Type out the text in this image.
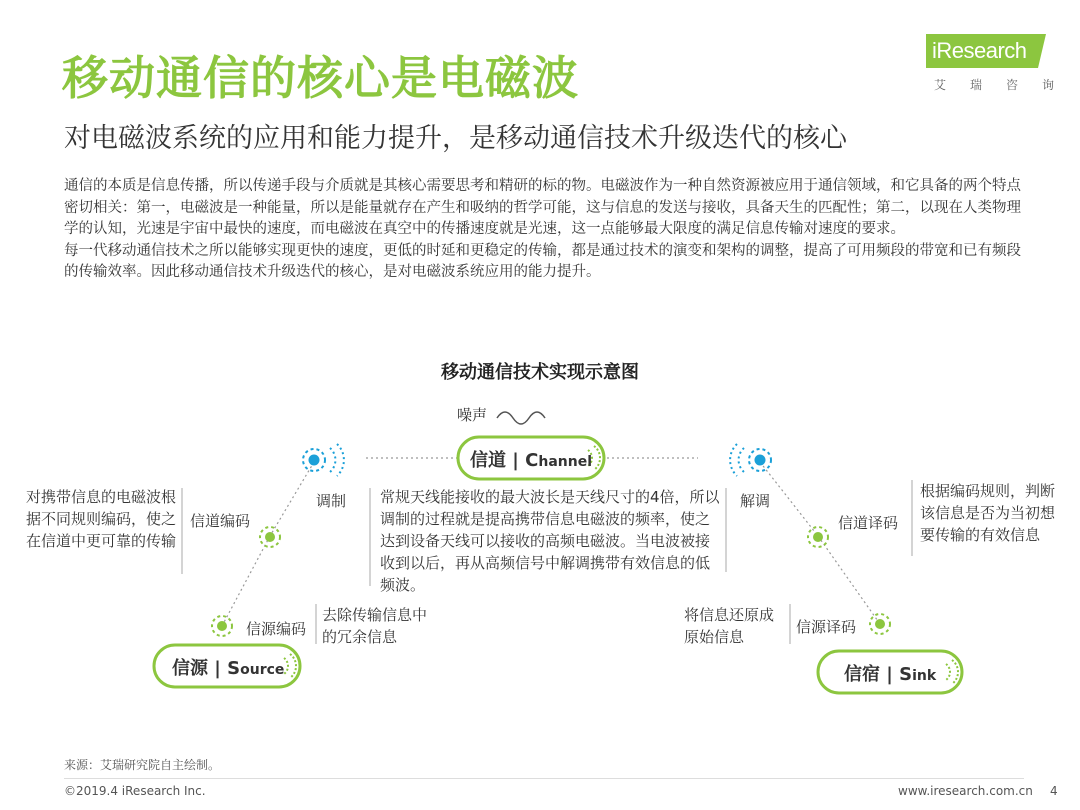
移动通信的核心是电磁波
对电磁波系统的应用和能力提升，是移动通信技术升级迭代的核心
iResearch
艾瑞咨询

通信的本质是信息传播，所以传递手段与介质就是其核心需要思考和精研的标的物。电磁波作为一种自然资源被应用于通信领域，和它具备的两个特点密切相关：第一，电磁波是一种能量，所以是能量就存在产生和吸纳的哲学可能，这与信息的发送与接收，具备天生的匹配性；第二，以现在人类物理学的认知，光速是宇宙中最快的速度，而电磁波在真空中的传播速度就是光速，这一点能够最大限度的满足信息传输对速度的要求。

每一代移动通信技术之所以能够实现更快的速度，更低的时延和更稳定的传输，都是通过技术的演变和架构的调整，提高了可用频段的带宽和已有频段的传输效率。因此移动通信技术升级迭代的核心，是对电磁波系统应用的能力提升。

移动通信技术实现示意图
噪声
信道 | Channel
信源 | Source	信宿 | Sink
调制
信道编码
信源编码
对携带信息的电磁波根据不同规则编码，使之在信道中更可靠的传输
去除传输信息中的冗余信息
常规天线能接收的最大波长是天线尺寸的4倍，所以调制的过程就是提高携带信息电磁波的频率，使之达到设备天线可以接收的高频电磁波。当电波被接收到以后，再从高频信号中解调携带有效信息的低频波。
解调
信道译码
信源译码
根据编码规则，判断该信息是否为当初想要传输的有效信息
将信息还原成原始信息
来源：艾瑞研究院自主绘制。
©2019.4 iResearch Inc.	www.iresearch.com.cn 4
